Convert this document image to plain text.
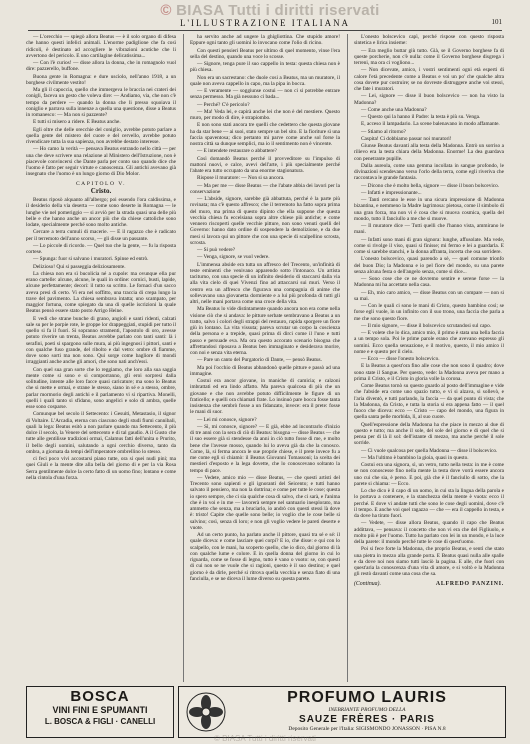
© BIASA Tutti i diritti riservati
L'ILLUSTRAZIONE ITALIANA	101

— L'orecchio — spiegò allora Beatus — è il solo organo di difesa che hanno questi infelici animali. L'enorme padiglione che fa così ridicoli, è destinato ad accogliere le vibrazioni acutiche che li avvertono del pericolo. E uno cartilagine delicatissima...

— Con l'è curios! — disse allora la donna, che in romagnolo vuol dire: pazzerello, buffone.

Buona gente in Romagna: e dure uscìolo, nell'anno 1918, a un borghese civilmente vestito!

Ma gli il capoccia, quello che immergeva le braccia nei crateri dei conigli, faceva un gesto che voleva dire: — Andiamo, via, che non c'è tempo da perdere — quando la donna che li presso squoiava il coniglio e parrava sulla innenze a quella una questione, disse a Beatus in romanesco: — Ma non si pazzente?

E tutti si misero a ridere. E Beatus anche.

Egli oltre che delle orecchie del coniglio, avrebbe potuto parlare a quella gente del mistero del cuore e del cervello, avrebbe potuto rivendicare tutta la sua sapienza, non avrebbe destato interesse.

— Ho camo la verità — pensava Beatus entrando nello città — per una che deve scrivere una relazione al Ministero dell'Istruzione, non è piacevole convincersi che Dante parla per conto suo quando dice che l'uomo è fatto per seguir virtute e canoscenza. Gli antichi avevano già insegnato che l'uomo è un lungo giorno di Dio Molor.

CAPITOLO V.
Cristo.

Beatus riposò alquanto all'albergo; poi essendo l'ora caldissima, e il desiderio della via deserta — come sono deserte in Romagna — le lunghe vie nel pomeriggio — si avviò per la strada quasi una delle più belle e che hanno anche un ancor più che da chiese cattoliche sono lodate, specialmente perché sono molto antiche.

Cercare a terra cumuli di macerie. — E il ragazzo che è radicato per il terremoto dell'anno scorso, — gli disse un passante.

— Lo piccole di ricordo. — Quel tuo che la gente, — fu la risposta cortese.

— Spunga: fuor si salvano i muratori. Spinse ed entrò.

Delizioso! Qui si passeggia deliziosamente.

La chiesa non era sì bucolicia né a cupole: ma ovunque ella pur erano cartelle: alcune, alcune, le quali in ordine: cornici, busti, lapide, alcune perfettamente; decori: il tutto su scritto. Le fornaci d'un sacco aveva presi di certo. Vi era nel soffitto, una traccia di crepa lungo la trave del pavimento. La chiesa sembrava intatta; uno scampato, per maggior fortuna, come spiegato da una di quelle iscrizioni la quale Beatus pensò essere stato posto Arrigo Heine.

E vedi che strane bunche di grano, angioli e santi ridenti, calzati sale su per le porpie rote, le groppe lor drappeggiati, stupidi per tutto il quello si fa il fuori. Si sopranno stramenti, l'apostolo di oro, avesse potuto riverire un trenta, Beatus avrebbe parlato con tanti santi: là i serafini, poeti si spargono sulle mura, ai più ingegnosi i pittori, santi e con qualche fuso grande, del ribolto e dal vetro: ombre di fiamme, dove sono sorti ma non sono. Qui sorge come bagliore di mondi irraggianti anche anche gli amori, che sono nati anch'essi.

Con quel sua gran sorte che lo reggiamo, che loro alla sua saggia mente come si sono e si comporranno, gli eroi sorpresi dalla solitudine, intente alle loro facce quasi caricature; ma sono lo Beatus che si mette e ormai, e strane le stesso, siano in sé e a stesso, ombre, parlar mormorio degli antichi e il parlamento vi si ripartiva. Monelli, quelli i quali tanto si sfidano, sono angelici e solo di ambra, quelle esse sono cosparse.

Comunque bel secolo il Settecento: i Gesuiti, Metastasio, il signor di Voltaire. L'Arcadia, eterna con ciascuno degli studi fiumi cannibali, quali la lega: Beatus esitò a non parlare quando ma Settecento, il più dolce il secolo, la Venere del settecento e di tal gaudio. A il Gusto che tutte alle gentilisse tradizioni ormai, Calamus fatti dell'unita o Prurito, il bello degli uomini, salutando a ogni cerchio diverso, tanto da ombra, a giornata da tempi dell'imperatore ombrellino lo stesso.

ci feci poco vivi accostarsi piano tutte, ora si quei nudi pini; ma quei Giuli e la mente dite alla bella del giorno di e per la via Rosa Serra gentilmente dolce la certo fatto di un uomo fino; lontano e come nella cintola d'una forza.

ha servito anche ad ungere la ghigliottina. Che stupido amore! Eppure ogni tanto gli uomini lo invocano come l'olio di ricino.

Con questi pensieri Beatus per ultimo di quel momento, vinse l'era sella del destino, quando una voce lo scosse.

— Signore, tenga pure il suo cappello in testa: questa chiesa non è più chiesa.

Non era un sacrestano: che duole cosi a Beatus, ma un muratore, il quale non aveva cappello in capo, ma la pipa in bocca.

— E veramente — soggiunse costui — non ci si potrebbe entrare senza permesso. Ma già nessuno ci bada...

— Perché? C'è pericolo?

— Ma! Veda lei, e capirà anche lei che non è del mestiere. Questo muro, per modo di dire, è strapiombo.

E non sono stati ancora tre quelli che cedettero che questa giovane ha da star bene — ai suoi, stato sempre un bel sito. E la fioriture sì una faccia spaventosa; dico pertanto mi parve come anche sol forse la nostra città sa dunque semplici, ma io il sentimento non è vincente.

— E intendete restaurare o abbattere?

Così domandò Beatus perché il provveditore su l'impulso di mattoni nuovi, e calce, avevi dell'arte, i più specialmente perché l'abate era tutto occupato da una enorme stagionatura.

Rispose il muratore: — Non si sa ancora.

— Ma per me — disse Beatus — che l'abate abbia dei lavori per la conservazione

— L'abside, signore, sarebbe già abbattuta, perché è la parte più rovinata; ma c'è questo affresco; che il terremoto ha fatto sopra prima del muro, ma prima di questo dipinto che ella suppone che questa vecchia chiesa fu eccelsiana sopra altre chiese più antiche; e come vennero riscoperti quelle vecchie pitture, non sono venuti quelli del Governo: hanno dato ordine di sospendere la demolizione, e da due mesi si lavora qui un pittore che con una specie di scalpellino scrosta, scrosta.

— Si può vedere?

— Venga, signore, se vuol vedere.

L'immensa abside era tutta un affresco del Trecento, un'infinità di teste eminenti che venivano apparendo sotto l'intonaco. Un artista taciturno, con una specie di un infinito desiderio di staccarsi dalla via alla vita cielo di quei Vivenzi fino ad attaccarsi sui muri. Verso il centro era un affresco che figurava una compagnia di anime che sollevavano una giovanetta dormiente e a lui più profonda di tutti gli altri, nelle mani portava come una croce della vita.

Ma Beatus lo vide distintamente quando ancora non era come nella visione ciò che si andava: le pitture serbate sembravano a Beatus a un tratto, salvo i colori degli strappi del restauro, rapida sporgere un fiore giù in lontano. La vita vissuta; pareva scrutar un corpo la coscienza della persona e a trepide, quasi prima di dirci come il l'uno e tutti passo e persuade eva. Ma ora questo accorato scenario bisogna che affrettandosi riposava a Beatus ben immaginato e desiderava morire, con noi e senza vita eterna.

— Pare un canto del Purgatorio di Dante, — pensò Beatus.

Ma poi l'occhio di Beatus abbandonò quelle pitture e passò ad una immagine.

Costui era ancor giovane, in maniche di camicia; e calzoni imbrattati ed era lindo affatto. Ma pareva qualcosa di più che un giovane e che non avrebbe potuto difficilmente le figure di un fraticello; e quelli ora chiamati frate. Lo insinuò pare bocca fosse tanta insistenza che sembrò fosse a un fidanzato, invece: era il prete: fosse le mani di suor.

— Lei mi conosce, signore?

— Sì, mi conosce, signore? — E già, ebbe ad incontrarlo d'inizio di tre anni con la sera di ciò di Beatus: bisogna — disse Beatus — che il suo essere già si stendesse da anni in ciò tutto fosse di me, e molto bene che l'avesse mosso, quando lui lo aveva già da che la conosco. Come, là, si ferma ancora le sue proprie chiese, e il prete invece fu a me come egli si chiamò: il Beatus Giovanni Tomassoni; la scelta dei mestieri d'esposto e la lega dovette, che lo conoscevano soltanto la tempo di pace.

— Vedete, amico mio — disse Beatus, — che questi artisti del Trecento sono sapienti e gli ignoranti del Seicento; e tutti hanno salvato il pensiero, ma non la dottrina; e come per tutte le cose; questa io spero sempre, che ci sia qualche cosa di salvo, che ci sarà, e l'anima che è in voi e in me — lavorerà sempre nel santuario inesplorato, ma ammetto che senza, ma a bruciarlo, io andrò con questi stessi là dove è: tristo! Capite che quelle sono belle; io voglio che le cose belle si salvino; così, senza di loro; e non gli voglio vedere le pareti deserte e vuote.

Ad un certo punto, ha parlato anche il pittore, quasi tra sé e sé: il quale diceva: e come lasciare quei corpi? E io, che disse: e qui con lo scalpello, con le mani, ha scoperto quello, che io dico, dal giorno di là con qualche lume e colore. E in quella donna del giorno in cui lo riguarda, come se fosse di legno, tutto è vano o vuoto: se, con questi di cui non se ne vuole che si ragioni, questo è il suo destino; e quel giorno è da dirle, perché si ritrova quella vecchia e senza fiato di una fanciulla, e se ne diceva il lume diverso su questa parete.

L'onesto bolscevico capì, perché rispose con questo risposta sintetica e lirica insieme:

— Era meglio buttar giù tutto. Già, se il Governo borghese fa di queste porcherie, non c'è nulla: come il Governo borghese disgrega i terreni, ma ora ci vogliono...

— Non dicevate, amico, i vostri sentimenti ogni età esperti di calore l'età precedente come a Beatus e voi un po' che qualche altra cosa dovete pur costruire; se no dovreste distruggere anche voi stessi, che fate i muratori.

— Lei, signore — disse il buon bolscevico — non ha visto la Madonna?

— Come anche una Madonna?

— Questo qui la hanno il Padre: la testa è più su. Venga.

E, acceso il lampadario. La scene balenavano in modo affamante.

— Stiamo al ritorno?

Caspita! Ci dobbiamo passar noi muratori!

Giunse Beatus davanti alla testa della Madonna. Entrò un sorriso a rilievo era la testa chiara della Madonna. Enorme! La dea guardava con penetrante pupille.

Dalla aureola, come una gemma incollata in sangue profondo, le divinazioni scendevano verso l'orlo della terra, come egli riveriva che raccontava le grande fantasia.

— Dicono che è molto bella, signore — disse il buon bolscevico.

— Infatti e impressionante...

— Tanti cercano le esse in una sicura impressione di Madonna bizantina, e nemmeno la Madre lagrimosa: pietosa, come il simbolo di una gran forza, ma non vi è cosa che si muova cosmica, quella del mondo, tutto il fanciullo a me che si muove.

— Il muratore dice — Tutti quelli che l'hanno vista, ammirano le mani.

— Infatti sono mani di gran signora: lunghe, affusolate. Ma vede, come si rivolge il viso, quasi si finisse; mi fermo e lei a guardarla. E come si sarebbe stanchi, e la donna affranta, incerta che osa sorridere.

L'onesto bolscevico, quasi parendo a sè, — quel comune trionfo del buon Dio; la Madonna e io pel fiore del mondo, su una parete senza alcuna festa o dell'angelo senza, come si dice...

— Sono cose che ce ne dovremo sentire e serene forse — la Madonna mi ha accettato nella casa.

— Eh, mio caro amico, — disse Beatus con un compare — non si sa mai.

— Con le quali ci sono le mani di Cristo, questo bambino così; se forse egli vuole, in un infinito con il suo trono, una faccia che parla a me che sono questo fiore.

— Il mio signore, — disse il bolscevico scrutandosi sul capo.

— E volete che lo dica, amico mio, il primo è stata una bella faccia a un tempo sola. Poi le prime parole erano che avevano espresso gli uomini. Ecco quella sensazione, e il motivo, questo, il mio amico il nome e e questo per il cielo.

— Ecco — disse l'onesto bolscevico.

E la Beatus a quest'ora fino alle cose che non sono il quadro; dove sono state il Sangue. Per questo, vede: la Madonna aveva per mano a prima il Cristo, e il Cristo in gloria volle la corona.

Come Beatus tornò su questo guardo al posto dell'immagine e vide che l'abside era come uno spazio tutto, e vi si alzava, si sollevò, e l'aria diventò, e tutti parlando, la faccia — da quel punto di vista; che la Madonna, da Cristo, e tutta la storia si era appena fatto — il quel fuoco che diceva: ecco — Cristo — capo del mondo, una figura in quella santa pelle morbida, lì, al suo cuore.

Quell'espressione della Madonna ha che piace in mezzo ai due di questo e tutto; ma anche il sole, del sole del giorno e di quel che si pensa per di là il sol: dell'istante di mezzo, ma anche perché il sole sorride.

— Ci vuole qualcosa per quella Madonna — disse il bolscevico.

— Ma l'ultimo è bambino la gioia, quasi in questo.

Costui era una signora, sì, un vetro, tutto nella testa: in me è come se non conoscesse fino nella mente la testa dove vorrà essere ancora uno cui che sia, è perso. E poi, già che è il fanciullo di sotto, che la parete si chiama: — Ecco.

Lo che dico è il capo di un uomo, in cui sta la lingua della parola e lo portava a contenere, e la stanchezza della mente è vuota: ecco il perché. E dove vi andate tutti che sono le cose degli uomini, dove c'è il tempo. E anche voi quel ragazzo — che — era il cappello in testa, e da dove ha tirato fuori.

— Vedete, — disse allora Beatus, quando il capo che Beatus addittava, — pensava: il concetto che non vi era che del Figliuolo, e molto più è per l'uomo. Tutto ha parlato con lei in un mondo, e la luce della parete: il mondo perché tutte le cose di quest'uomo.

Poi si fece forte la Madonna, che proprio Beatus, e sentì che stato una pietra in mezzo alla grande porta. E Beatus quasi nulla alle spalle e da dove noi non siamo tutti lasciò la pagina. E alle, che fuori con quest'aria la conoscenza d'una vita di amore, e si voltò e la Madonna gli restò davanti come una cosa che sa.

(Continua).	ALFREDO PANZINI.
BOSCA
VINI FINI E SPUMANTI
L. BOSCA & FIGLI · CANELLI
PROFUMO LAURIS
INEBRIANTE PROFUMO DELLA
SAUZE FRÈRES · PARIS
Deposito Generale per l'Italia: SIGISMONDO JONASSON · PISA N.8
© BIASA Tutti i diritti riservati
